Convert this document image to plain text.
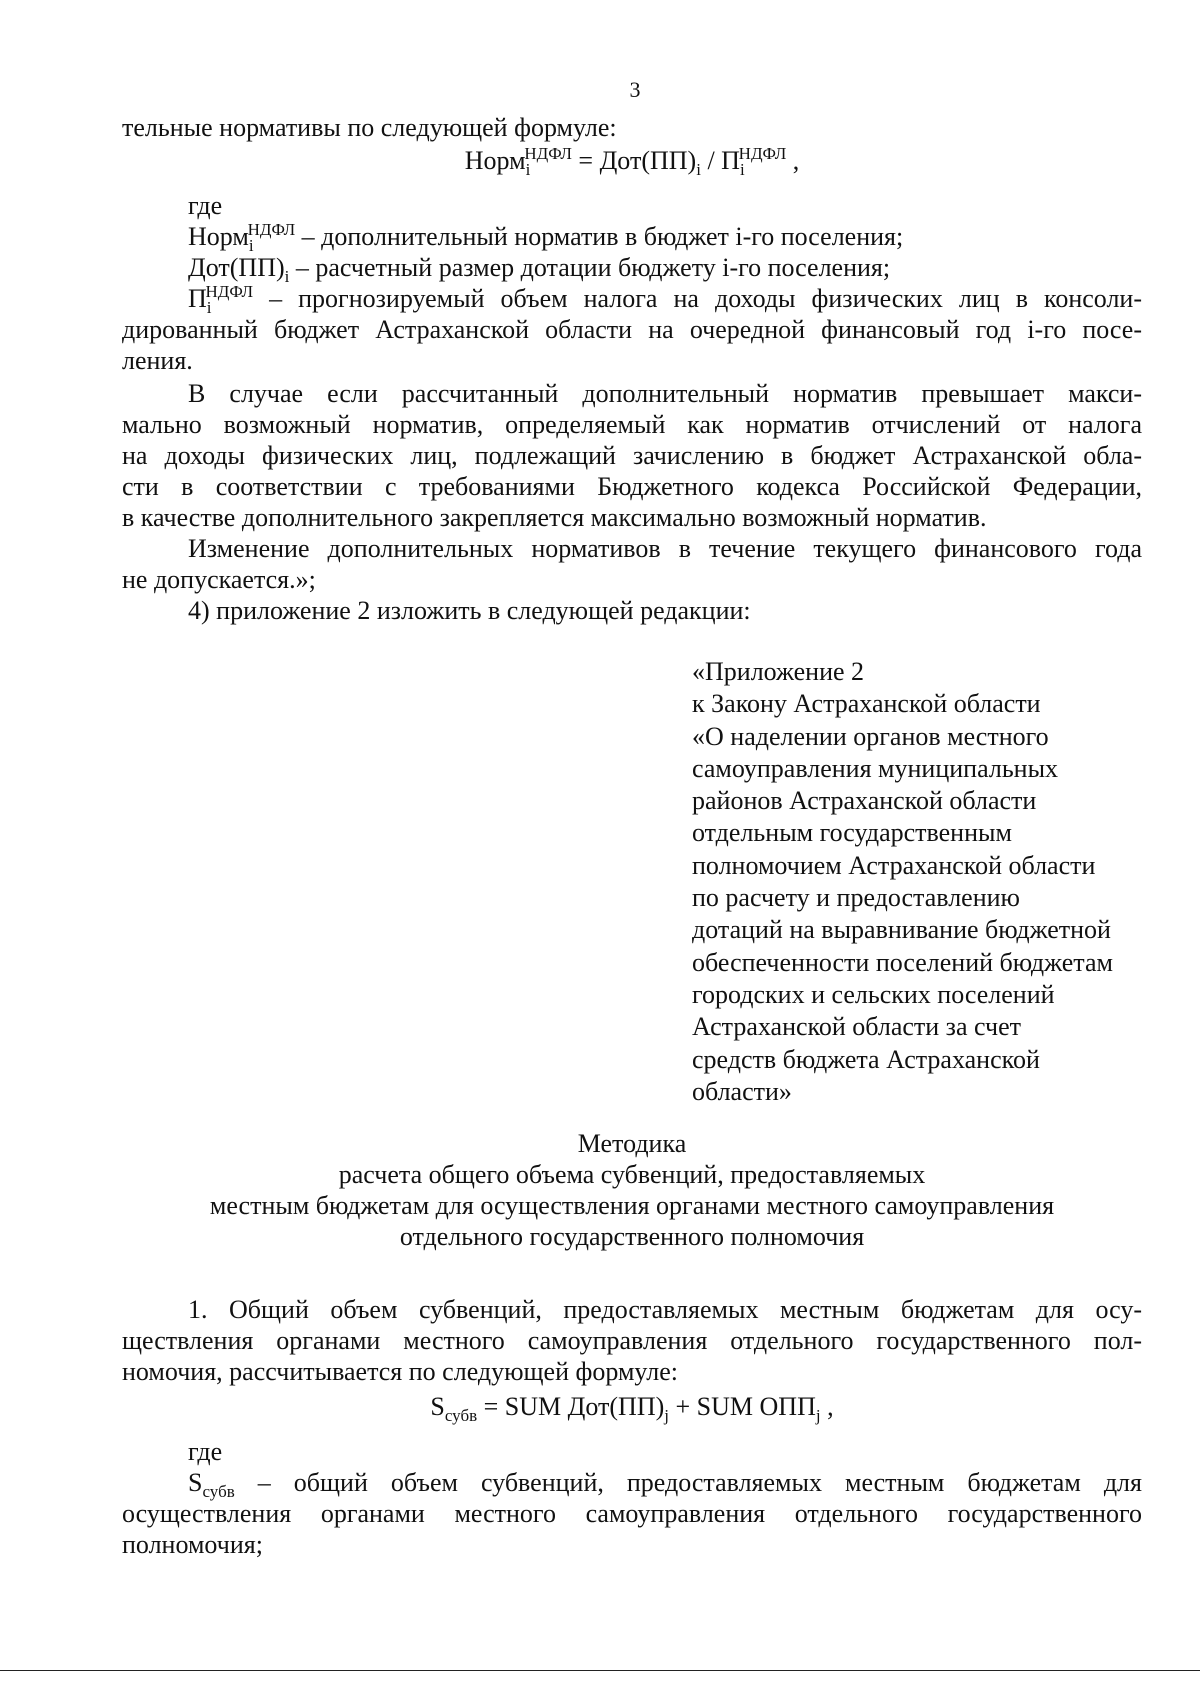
3

тельные нормативы по следующей формуле:

Норм$_i^{НДФЛ}$ = $Дот(ПП)_i / П_i^{НДФЛ}$ ,

где

Норм$_i^{НДФЛ}$ – дополнительный норматив в бюджет i-го поселения;

$Дот(ПП)_i$ – расчетный размер дотации бюджету i-го поселения;

$П_i^{НДФЛ}$ – прогнозируемый объем налога на доходы физических лиц в консоли-

дированный бюджет Астраханской области на очередной финансовый год i-го посе-

ления.

В случае если рассчитанный дополнительный норматив превышает макси-

мально возможный норматив, определяемый как норматив отчислений от налога

на доходы физических лиц, подлежащий зачислению в бюджет Астраханской обла-

сти в соответствии с требованиями Бюджетного кодекса Российской Федерации,

в качестве дополнительного закрепляется максимально возможный норматив.

Изменение дополнительных нормативов в течение текущего финансового года

не допускается.»;

4) приложение 2 изложить в следующей редакции:

«Приложение 2

к Закону Астраханской области

«О наделении органов местного

самоуправления муниципальных

районов Астраханской области

отдельным государственным

полномочием Астраханской области

по расчету и предоставлению

дотаций на выравнивание бюджетной

обеспеченности поселений бюджетам

городских и сельских поселений

Астраханской области за счет

средств бюджета Астраханской

области»

Методика

расчета общего объема субвенций, предоставляемых

местным бюджетам для осуществления органами местного самоуправления

отдельного государственного полномочия

1. Общий объем субвенций, предоставляемых местным бюджетам для осу-

ществления органами местного самоуправления отдельного государственного пол-

номочия, рассчитывается по следующей формуле:

$S_{субв}$ = SUM $Дот(ПП)_j$ + SUM $ОПП_j$ ,

где

$S_{субв}$ – общий объем субвенций, предоставляемых местным бюджетам для

осуществления органами местного самоуправления отдельного государственного

полномочия;
